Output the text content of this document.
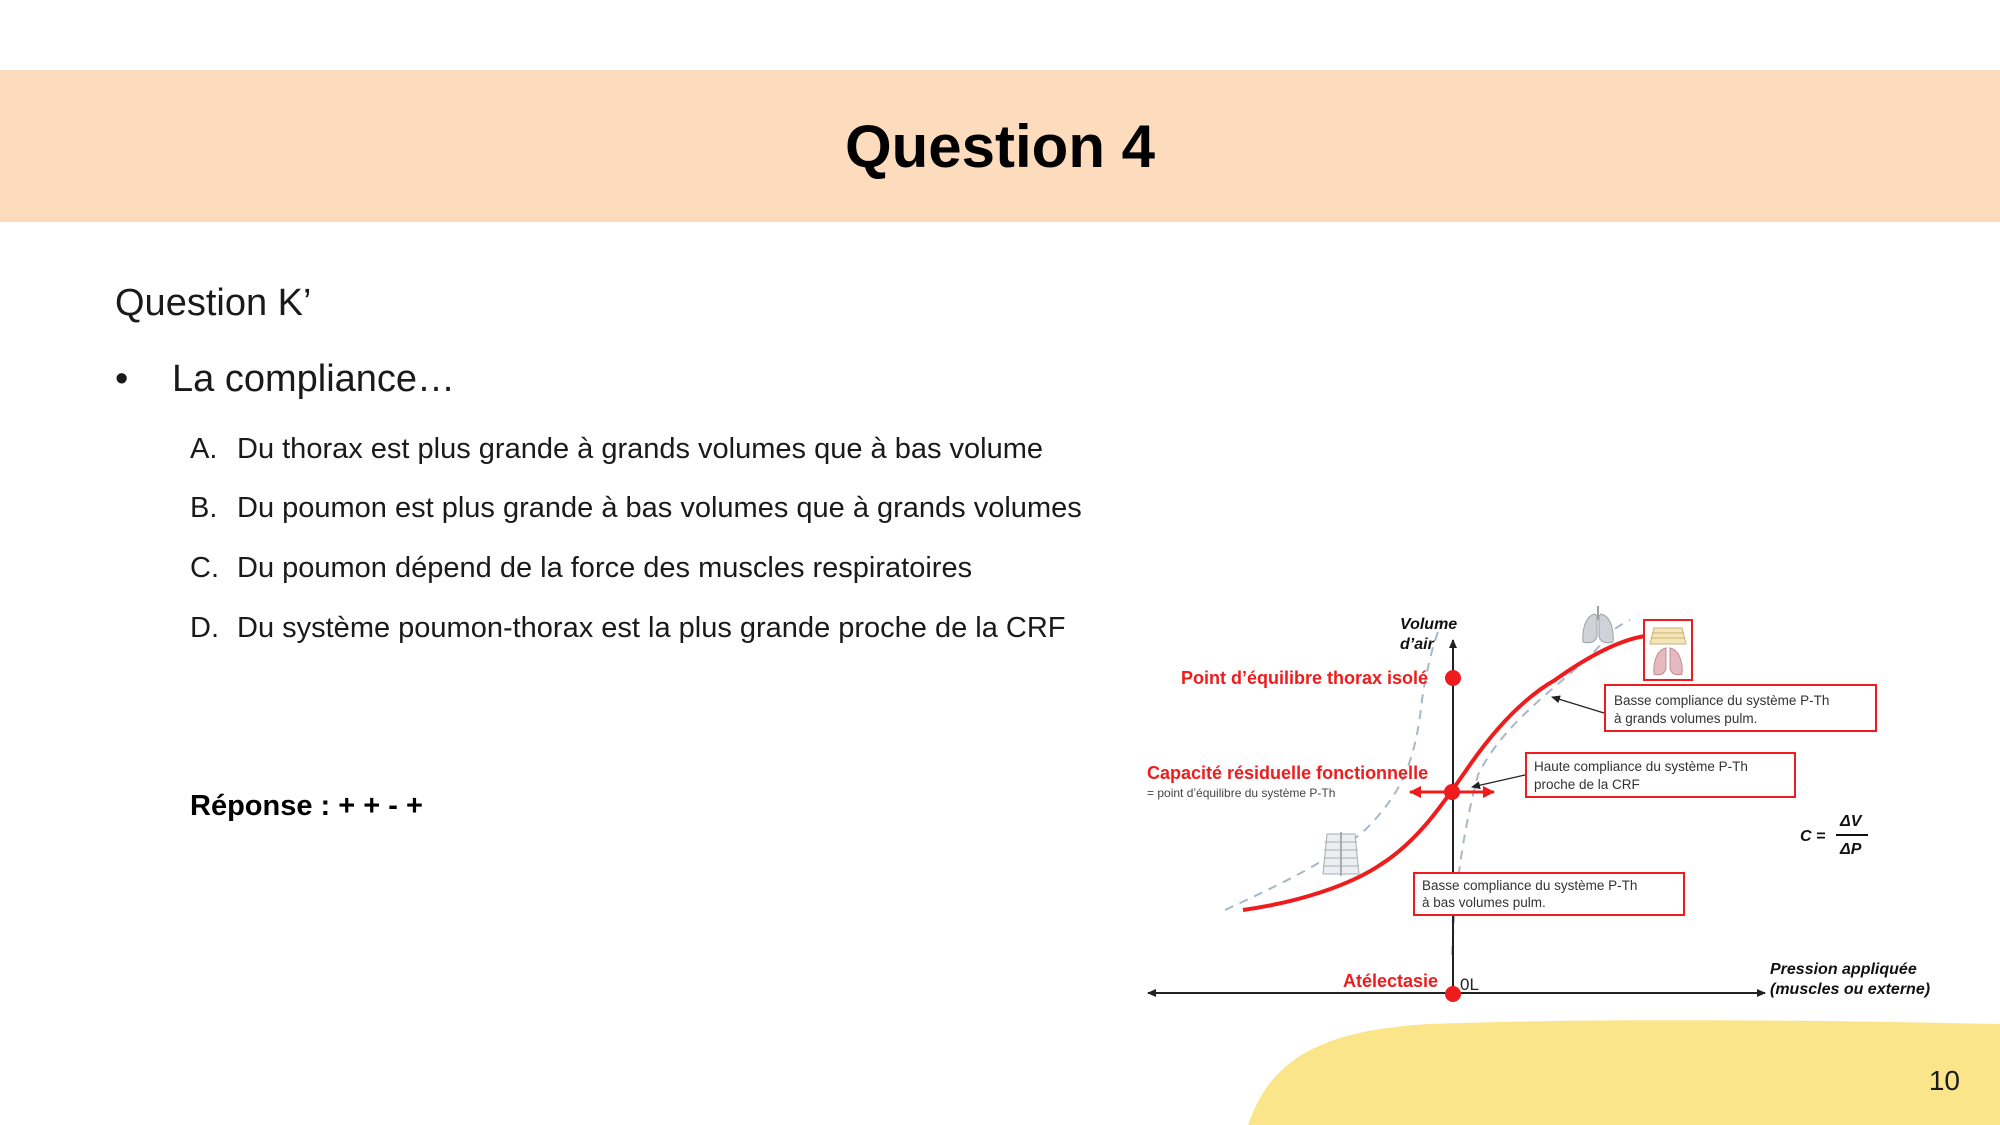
Question 4
Question K’
• La compliance…
A. Du thorax est plus grande à grands volumes que à bas volume
B. Du poumon est plus grande à bas volumes que à grands volumes
C. Du poumon dépend de la force des muscles respiratoires
D. Du système poumon-thorax est la plus grande proche de la CRF
Réponse : + + - +
10
Volume
d’air
Pression appliquée
(muscles ou externe)
0L
Point d’équilibre thorax isolé
Capacité résiduelle fonctionnelle
= point d’équilibre du système P-Th
Atélectasie
Basse compliance du système P-Th
à grands volumes pulm.
Haute compliance du système P-Th
proche de la CRF
Basse compliance du système P-Th
à bas volumes pulm.
C =
ΔV
ΔP
